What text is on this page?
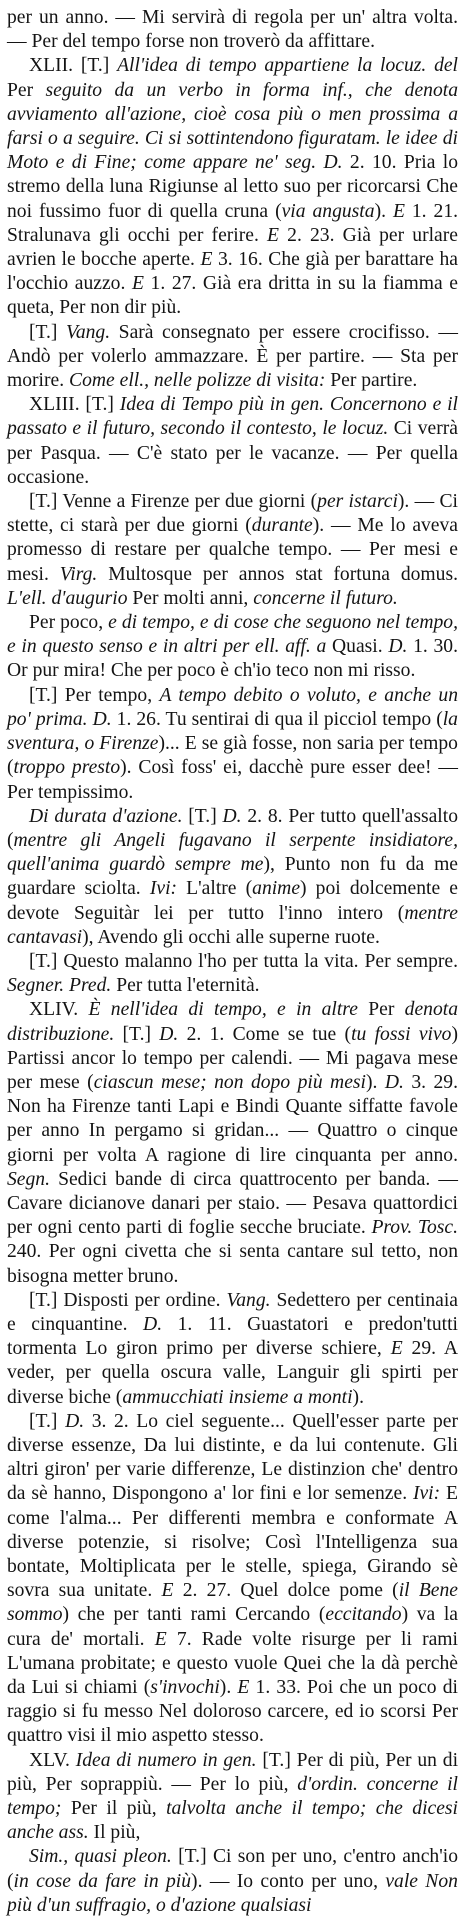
per un anno. — Mi servirà di regola per un' altra volta. — Per del tempo forse non troverò da affittare.

XLII. [T.] All'idea di tempo appartiene la locuz. del Per seguito da un verbo in forma inf., che denota avviamento all'azione, cioè cosa più o men prossima a farsi o a seguire. Ci si sottintendono figuratam. le idee di Moto e di Fine; come appare ne' seg. D. 2. 10. Pria lo stremo della luna Rigiunse al letto suo per ricorcarsi Che noi fussimo fuor di quella cruna (via angusta). E 1. 21. Stralunava gli occhi per ferire. E 2. 23. Già per urlare avrien le bocche aperte. E 3. 16. Che già per barattare ha l'occhio auzzo. E 1. 27. Già era dritta in su la fiamma e queta, Per non dir più.

[T.] Vang. Sarà consegnato per essere crocifisso. — Andò per volerlo ammazzare. È per partire. — Sta per morire. Come ell., nelle polizze di visita: Per partire.

XLIII. [T.] Idea di Tempo più in gen. Concernono e il passato e il futuro, secondo il contesto, le locuz. Ci verrà per Pasqua. — C'è stato per le vacanze. — Per quella occasione.

[T.] Venne a Firenze per due giorni (per istarci). — Ci stette, ci starà per due giorni (durante). — Me lo aveva promesso di restare per qualche tempo. — Per mesi e mesi. Virg. Multosque per annos stat fortuna domus. L'ell. d'augurio Per molti anni, concerne il futuro.

Per poco, e di tempo, e di cose che seguono nel tempo, e in questo senso e in altri per ell. aff. a Quasi. D. 1. 30. Or pur mira! Che per poco è ch'io teco non mi risso.

[T.] Per tempo, A tempo debito o voluto, e anche un po' prima. D. 1. 26. Tu sentirai di qua il picciol tempo (la sventura, o Firenze)... E se già fosse, non saria per tempo (troppo presto). Così foss' ei, dacchè pure esser dee! — Per tempissimo.

Di durata d'azione. [T.] D. 2. 8. Per tutto quell'assalto (mentre gli Angeli fugavano il serpente insidiatore, quell'anima guardò sempre me), Punto non fu da me guardare sciolta. Ivi: L'altre (anime) poi dolcemente e devote Seguitàr lei per tutto l'inno intero (mentre cantavasi), Avendo gli occhi alle superne ruote.

[T.] Questo malanno l'ho per tutta la vita. Per sempre. Segner. Pred. Per tutta l'eternità.

XLIV. È nell'idea di tempo, e in altre Per denota distribuzione. [T.] D. 2. 1. Come se tue (tu fossi vivo) Partissi ancor lo tempo per calendi. — Mi pagava mese per mese (ciascun mese; non dopo più mesi). D. 3. 29. Non ha Firenze tanti Lapi e Bindi Quante siffatte favole per anno In pergamo si gridan... — Quattro o cinque giorni per volta A ragione di lire cinquanta per anno. Segn. Sedici bande di circa quattrocento per banda. — Cavare dicianove danari per staio. — Pesava quattordici per ogni cento parti di foglie secche bruciate. Prov. Tosc. 240. Per ogni civetta che si senta cantare sul tetto, non bisogna metter bruno.

[T.] Disposti per ordine. Vang. Sedettero per centinaia e cinquantine. D. 1. 11. Guastatori e predon'tutti tormenta Lo giron primo per diverse schiere, E 29. A veder, per quella oscura valle, Languir gli spirti per diverse biche (ammucchiati insieme a monti).

[T.] D. 3. 2. Lo ciel seguente... Quell'esser parte per diverse essenze, Da lui distinte, e da lui contenute. Gli altri giron' per varie differenze, Le distinzion che' dentro da sè hanno, Dispongono a' lor fini e lor semenze. Ivi: E come l'alma... Per differenti membra e conformate A diverse potenzie, si risolve; Così l'Intelligenza sua bontate, Moltiplicata per le stelle, spiega, Girando sè sovra sua unitate. E 2. 27. Quel dolce pome (il Bene sommo) che per tanti rami Cercando (eccitando) va la cura de' mortali. E 7. Rade volte risurge per li rami L'umana probitate; e questo vuole Quei che la dà perchè da Lui si chiami (s'invochi). E 1. 33. Poi che un poco di raggio si fu messo Nel doloroso carcere, ed io scorsi Per quattro visi il mio aspetto stesso.

XLV. Idea di numero in gen. [T.] Per di più, Per un di più, Per soprappiù. — Per lo più, d'ordin. concerne il tempo; Per il più, talvolta anche il tempo; che dicesi anche ass. Il più,

Sim., quasi pleon. [T.] Ci son per uno, c'entro anch'io (in cose da fare in più). — Io conto per uno, vale Non più d'un suffragio, o d'azione qualsiasi
